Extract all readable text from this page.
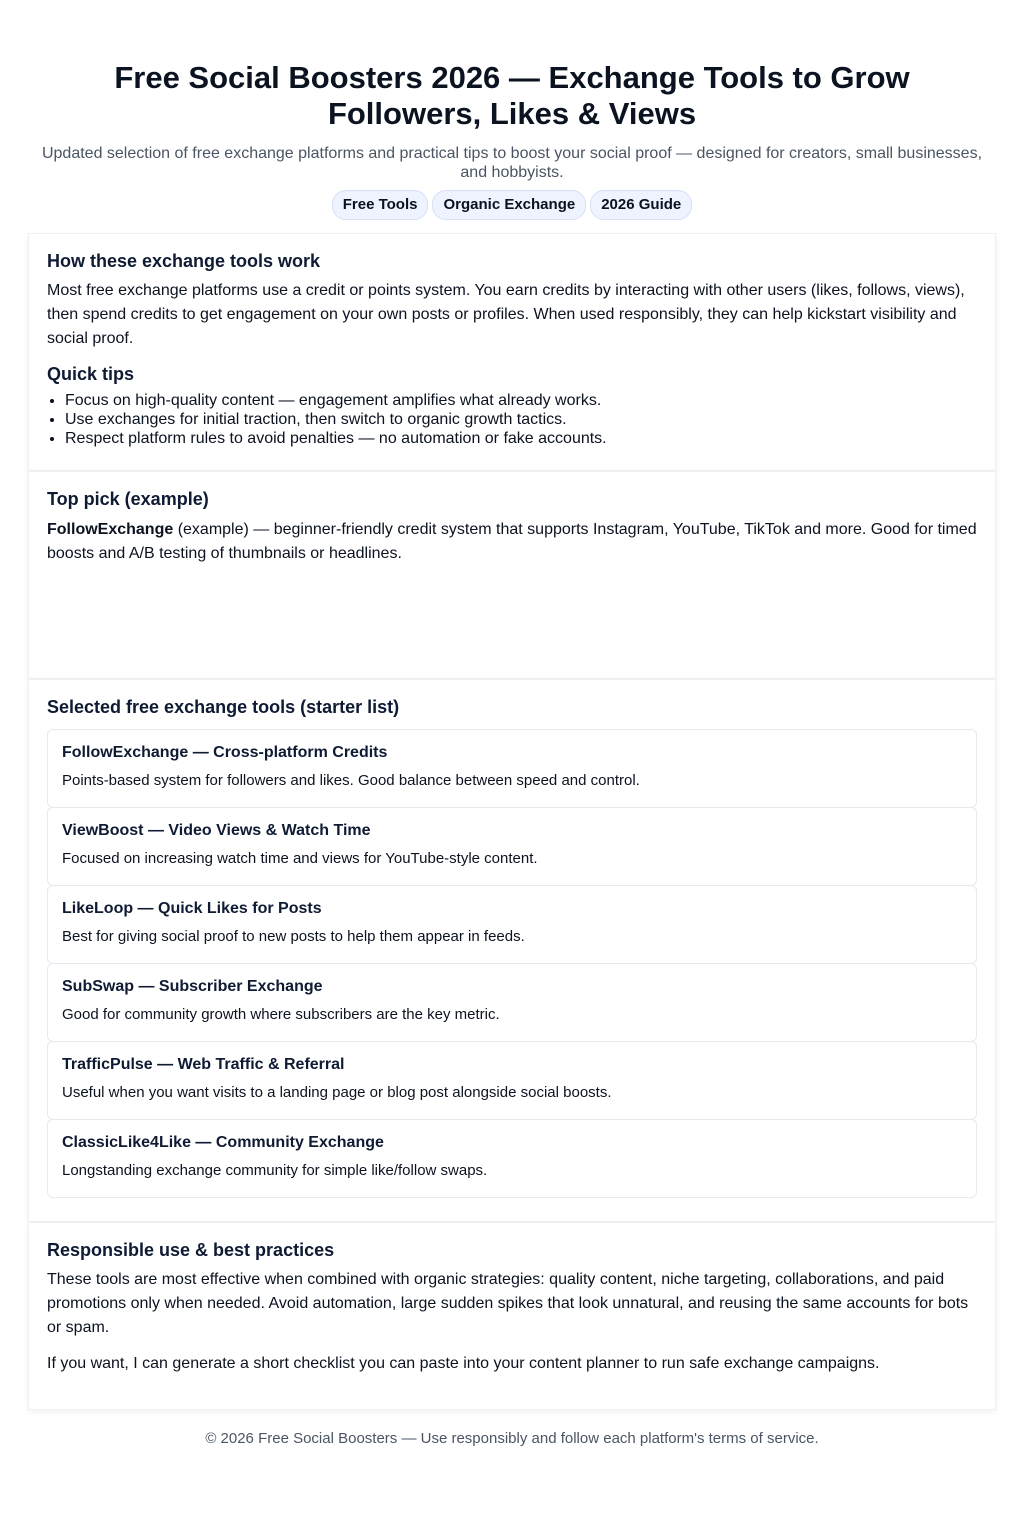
Free Social Boosters 2026 — Exchange Tools to Grow Followers, Likes & Views

Updated selection of free exchange platforms and practical tips to boost your social proof — designed for creators, small businesses, and hobbyists.

Free Tools	Organic Exchange	2026 Guide
How these exchange tools work

Most free exchange platforms use a credit or points system. You earn credits by interacting with other users (likes, follows, views), then spend credits to get engagement on your own posts or profiles. When used responsibly, they can help kickstart visibility and social proof.

Quick tips
• Focus on high-quality content — engagement amplifies what already works.
• Use exchanges for initial traction, then switch to organic growth tactics.
• Respect platform rules to avoid penalties — no automation or fake accounts.
Top pick (example)

FollowExchange (example) — beginner-friendly credit system that supports Instagram, YouTube, TikTok and more. Good for timed boosts and A/B testing of thumbnails or headlines.

Selected free exchange tools (starter list)
FollowExchange — Cross-platform Credits

Points-based system for followers and likes. Good balance between speed and control.

ViewBoost — Video Views & Watch Time

Focused on increasing watch time and views for YouTube-style content.

LikeLoop — Quick Likes for Posts

Best for giving social proof to new posts to help them appear in feeds.

SubSwap — Subscriber Exchange

Good for community growth where subscribers are the key metric.

TrafficPulse — Web Traffic & Referral

Useful when you want visits to a landing page or blog post alongside social boosts.

ClassicLike4Like — Community Exchange

Longstanding exchange community for simple like/follow swaps.

Responsible use & best practices

These tools are most effective when combined with organic strategies: quality content, niche targeting, collaborations, and paid promotions only when needed. Avoid automation, large sudden spikes that look unnatural, and reusing the same accounts for bots or spam.

If you want, I can generate a short checklist you can paste into your content planner to run safe exchange campaigns.

© 2026 Free Social Boosters — Use responsibly and follow each platform's terms of service.
